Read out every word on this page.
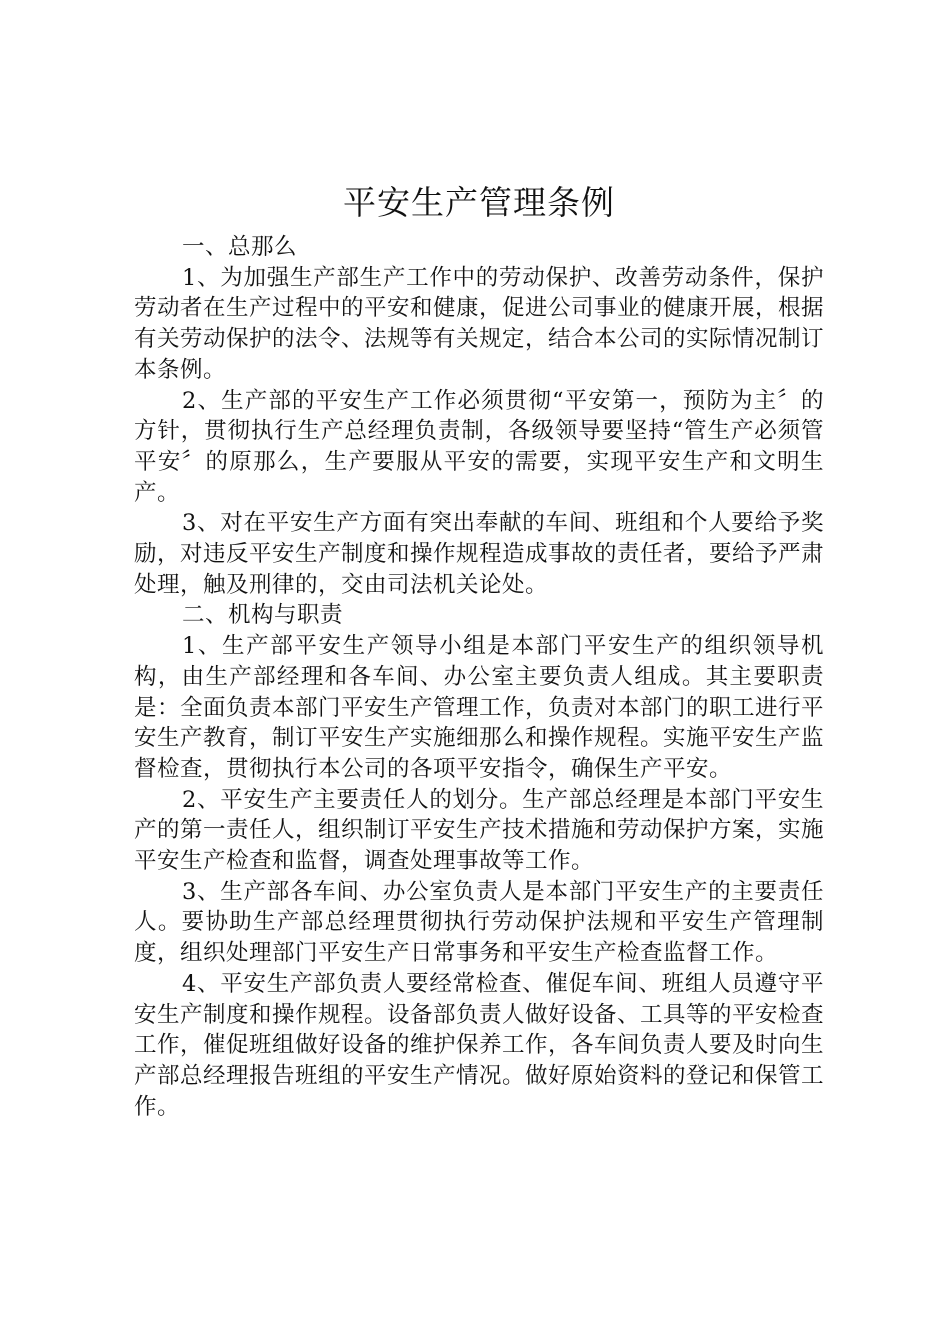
平安生产管理条例

一、总那么

1、为加强生产部生产工作中的劳动保护、改善劳动条件，保护劳动者在生产过程中的平安和健康，促进公司事业的健康开展，根据有关劳动保护的法令、法规等有关规定，结合本公司的实际情况制订本条例。

2、生产部的平安生产工作必须贯彻“平安第一，预防为主〞的方针，贯彻执行生产总经理负责制，各级领导要坚持“管生产必须管平安〞的原那么，生产要服从平安的需要，实现平安生产和文明生产。

3、对在平安生产方面有突出奉献的车间、班组和个人要给予奖励，对违反平安生产制度和操作规程造成事故的责任者，要给予严肃处理，触及刑律的，交由司法机关论处。

二、机构与职责

1、生产部平安生产领导小组是本部门平安生产的组织领导机构，由生产部经理和各车间、办公室主要负责人组成。其主要职责是：全面负责本部门平安生产管理工作，负责对本部门的职工进行平安生产教育，制订平安生产实施细那么和操作规程。实施平安生产监督检查，贯彻执行本公司的各项平安指令，确保生产平安。

2、平安生产主要责任人的划分。生产部总经理是本部门平安生产的第一责任人，组织制订平安生产技术措施和劳动保护方案，实施平安生产检查和监督，调查处理事故等工作。

3、生产部各车间、办公室负责人是本部门平安生产的主要责任人。要协助生产部总经理贯彻执行劳动保护法规和平安生产管理制度，组织处理部门平安生产日常事务和平安生产检查监督工作。

4、平安生产部负责人要经常检查、催促车间、班组人员遵守平安生产制度和操作规程。设备部负责人做好设备、工具等的平安检查工作，催促班组做好设备的维护保养工作，各车间负责人要及时向生产部总经理报告班组的平安生产情况。做好原始资料的登记和保管工作。
